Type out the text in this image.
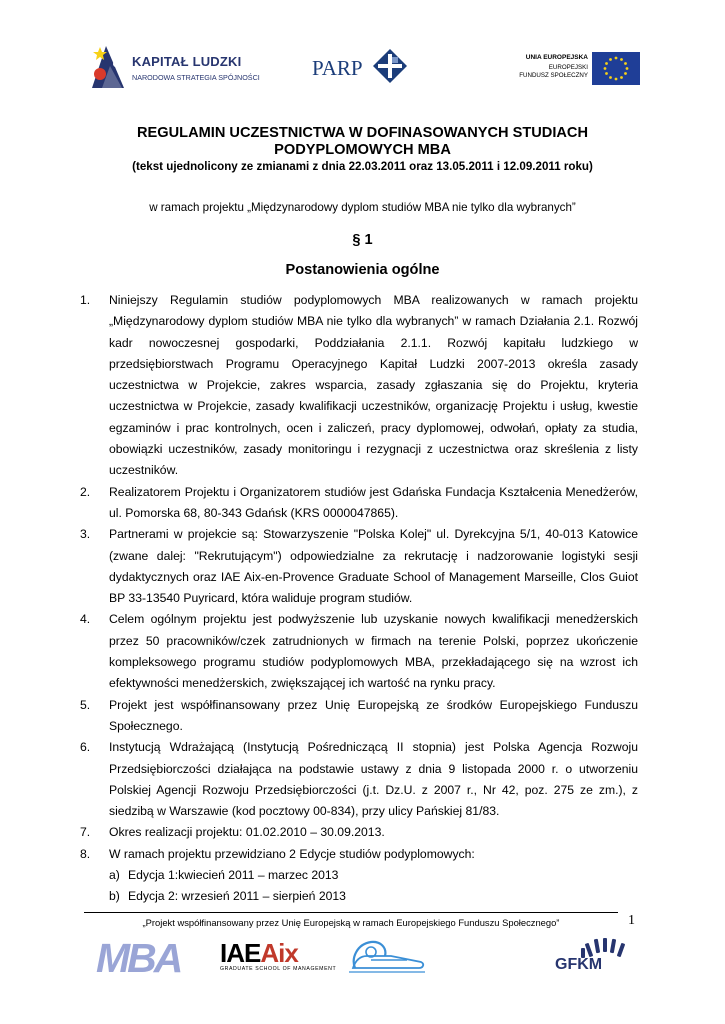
KAPITAŁ LUDZKI
NARODOWA STRATEGIA SPÓJNOŚCI PARP	UNIA EUROPEJSKA
EUROPEJSKI
FUNDUSZ SPOŁECZNY
REGULAMIN UCZESTNICTWA W DOFINASOWANYCH STUDIACH
PODYPLOMOWYCH MBA
(tekst ujednolicony ze zmianami z dnia 22.03.2011 oraz 13.05.2011 i 12.09.2011 roku)
w ramach projektu „Międzynarodowy dyplom studiów MBA nie tylko dla wybranych”
§ 1
Postanowienia ogólne
1. Niniejszy Regulamin studiów podyplomowych MBA realizowanych w ramach projektu „Międzynarodowy dyplom studiów MBA nie tylko dla wybranych” w ramach Działania 2.1. Rozwój kadr nowoczesnej gospodarki, Poddziałania 2.1.1. Rozwój kapitału ludzkiego w przedsiębiorstwach Programu Operacyjnego Kapitał Ludzki 2007-2013 określa zasady uczestnictwa w Projekcie, zakres wsparcia, zasady zgłaszania się do Projektu, kryteria uczestnictwa w Projekcie, zasady kwalifikacji uczestników, organizację Projektu i usług, kwestie egzaminów i prac kontrolnych, ocen i zaliczeń, pracy dyplomowej, odwołań, opłaty za studia, obowiązki uczestników, zasady monitoringu i rezygnacji z uczestnictwa oraz skreślenia z listy uczestników.
2. Realizatorem Projektu i Organizatorem studiów jest Gdańska Fundacja Kształcenia Menedżerów, ul. Pomorska 68, 80-343 Gdańsk (KRS 0000047865).
3. Partnerami w projekcie są: Stowarzyszenie "Polska Kolej" ul. Dyrekcyjna 5/1, 40-013 Katowice (zwane dalej: "Rekrutującym") odpowiedzialne za rekrutację i nadzorowanie logistyki sesji dydaktycznych oraz IAE Aix-en-Provence Graduate School of Management Marseille, Clos Guiot BP 33-13540 Puyricard, która waliduje program studiów.
4. Celem ogólnym projektu jest podwyższenie lub uzyskanie nowych kwalifikacji menedżerskich przez 50 pracowników/czek zatrudnionych w firmach na terenie Polski, poprzez ukończenie kompleksowego programu studiów podyplomowych MBA, przekładającego się na wzrost ich efektywności menedżerskich, zwiększającej ich wartość na rynku pracy.
5. Projekt jest współfinansowany przez Unię Europejską ze środków Europejskiego Funduszu Społecznego.
6. Instytucją Wdrażającą (Instytucją Pośredniczącą II stopnia) jest Polska Agencja Rozwoju Przedsiębiorczości działająca na podstawie ustawy z dnia 9 listopada 2000 r. o utworzeniu Polskiej Agencji Rozwoju Przedsiębiorczości (j.t. Dz.U. z 2007 r., Nr 42, poz. 275 ze zm.), z siedzibą w Warszawie (kod pocztowy 00-834), przy ulicy Pańskiej 81/83.
7. Okres realizacji projektu: 01.02.2010 – 30.09.2013.
8. W ramach projektu przewidziano 2 Edycje studiów podyplomowych:
a) Edycja 1:kwiecień 2011 – marzec 2013
b) Edycja 2: wrzesień 2011 – sierpień 2013
„Projekt współfinansowany przez Unię Europejską w ramach Europejskiego Funduszu Społecznego”	1
MBA IAEAix
GRADUATE SCHOOL OF MANAGEMENT	GFKM
